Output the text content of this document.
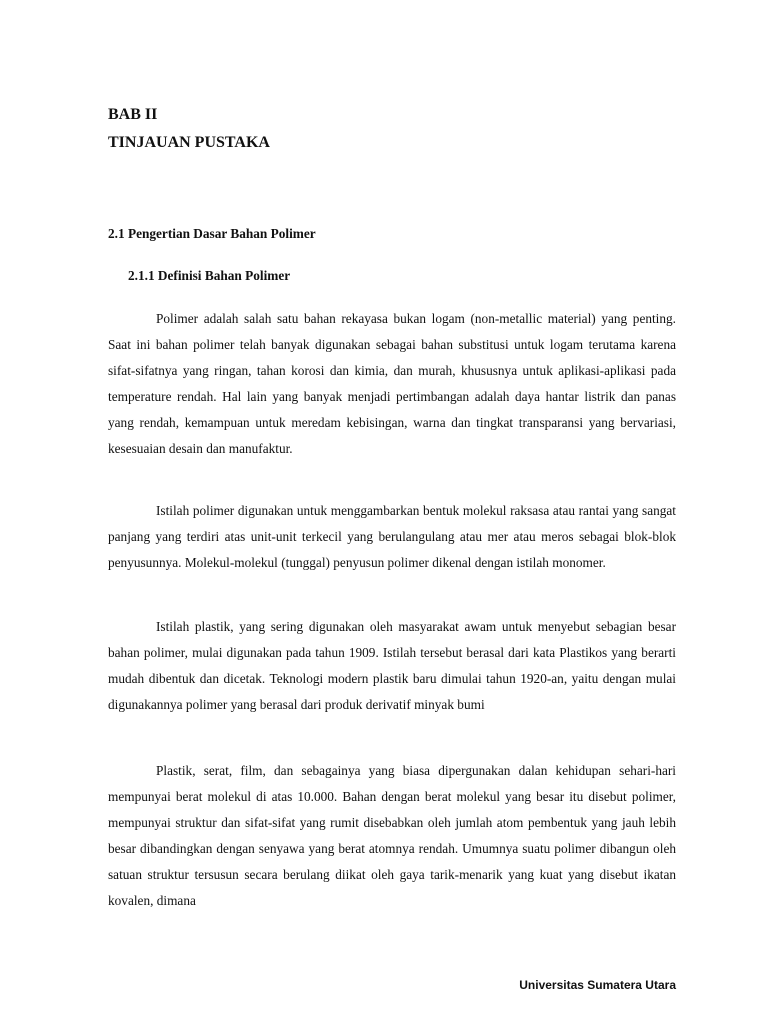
BAB II
TINJAUAN PUSTAKA
2.1 Pengertian Dasar Bahan Polimer
2.1.1 Definisi Bahan Polimer

Polimer adalah salah satu bahan rekayasa bukan logam (non-metallic material) yang penting. Saat ini bahan polimer telah banyak digunakan sebagai bahan substitusi untuk logam terutama karena sifat-sifatnya yang ringan, tahan korosi dan kimia, dan murah, khususnya untuk aplikasi-aplikasi pada temperature rendah. Hal lain yang banyak menjadi pertimbangan adalah daya hantar listrik dan panas yang rendah, kemampuan untuk meredam kebisingan, warna dan tingkat transparansi yang bervariasi, kesesuaian desain dan manufaktur.

Istilah polimer digunakan untuk menggambarkan bentuk molekul raksasa atau rantai yang sangat panjang yang terdiri atas unit-unit terkecil yang berulangulang atau mer atau meros sebagai blok-blok penyusunnya. Molekul-molekul (tunggal) penyusun polimer dikenal dengan istilah monomer.

Istilah plastik, yang sering digunakan oleh masyarakat awam untuk menyebut sebagian besar bahan polimer, mulai digunakan pada tahun 1909. Istilah tersebut berasal dari kata Plastikos yang berarti mudah dibentuk dan dicetak. Teknologi modern plastik baru dimulai tahun 1920-an, yaitu dengan mulai digunakannya polimer yang berasal dari produk derivatif minyak bumi

Plastik, serat, film, dan sebagainya yang biasa dipergunakan dalan kehidupan sehari-hari mempunyai berat molekul di atas 10.000. Bahan dengan berat molekul yang besar itu disebut polimer, mempunyai struktur dan sifat-sifat yang rumit disebabkan oleh jumlah atom pembentuk yang jauh lebih besar dibandingkan dengan senyawa yang berat atomnya rendah. Umumnya suatu polimer dibangun oleh satuan struktur tersusun secara berulang diikat oleh gaya tarik-menarik yang kuat yang disebut ikatan kovalen, dimana

Universitas Sumatera Utara
